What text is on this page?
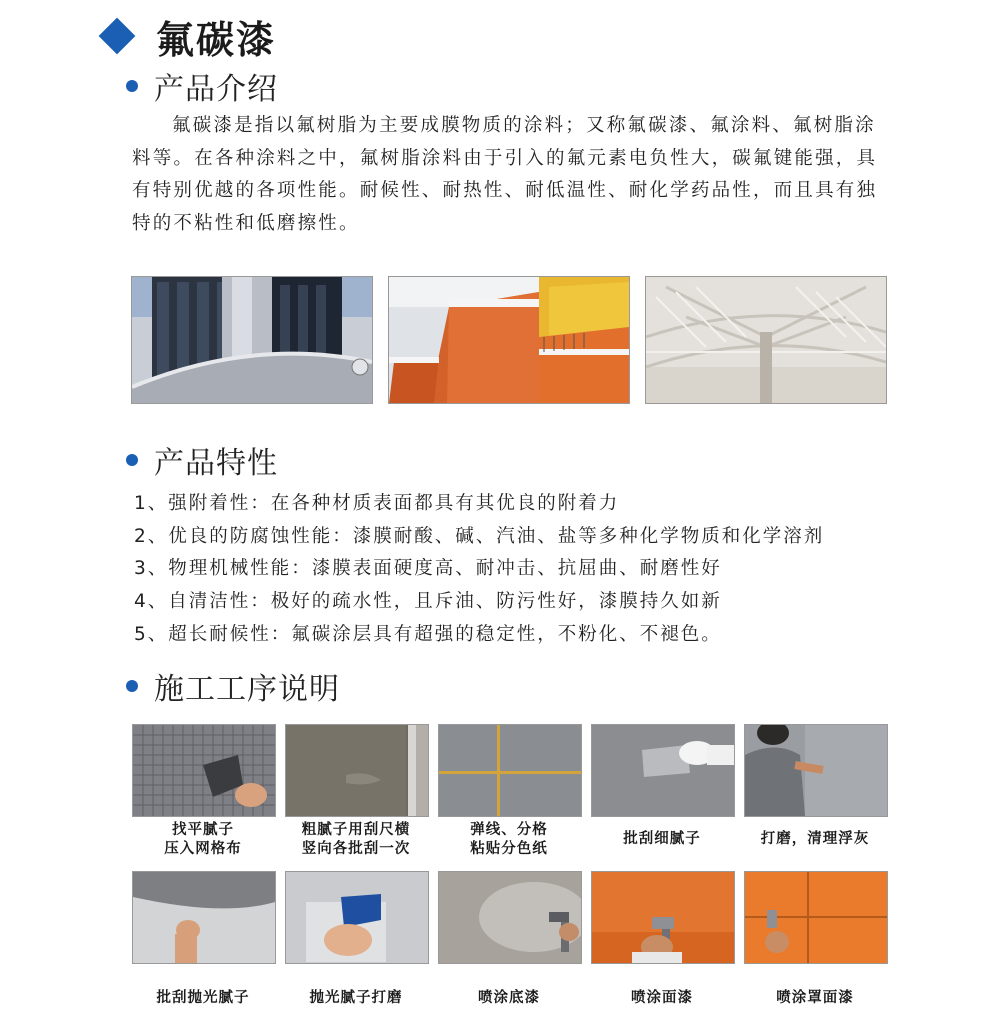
氟碳漆
产品介绍

氟碳漆是指以氟树脂为主要成膜物质的涂料；又称氟碳漆、氟涂料、氟树脂涂料等。在各种涂料之中，氟树脂涂料由于引入的氟元素电负性大，碳氟键能强，具有特别优越的各项性能。耐候性、耐热性、耐低温性、耐化学药品性，而且具有独特的不粘性和低磨擦性。

产品特性
1、强附着性：在各种材质表面都具有其优良的附着力
2、优良的防腐蚀性能：漆膜耐酸、碱、汽油、盐等多种化学物质和化学溶剂
3、物理机械性能：漆膜表面硬度高、耐冲击、抗屈曲、耐磨性好
4、自清洁性：极好的疏水性，且斥油、防污性好，漆膜持久如新
5、超长耐候性：氟碳涂层具有超强的稳定性，不粉化、不褪色。
施工工序说明
找平腻子
压入网格布
粗腻子用刮尺横
竖向各批刮一次
弹线、分格
粘贴分色纸
批刮细腻子	打磨，清理浮灰
批刮抛光腻子	抛光腻子打磨	喷涂底漆	喷涂面漆	喷涂罩面漆
